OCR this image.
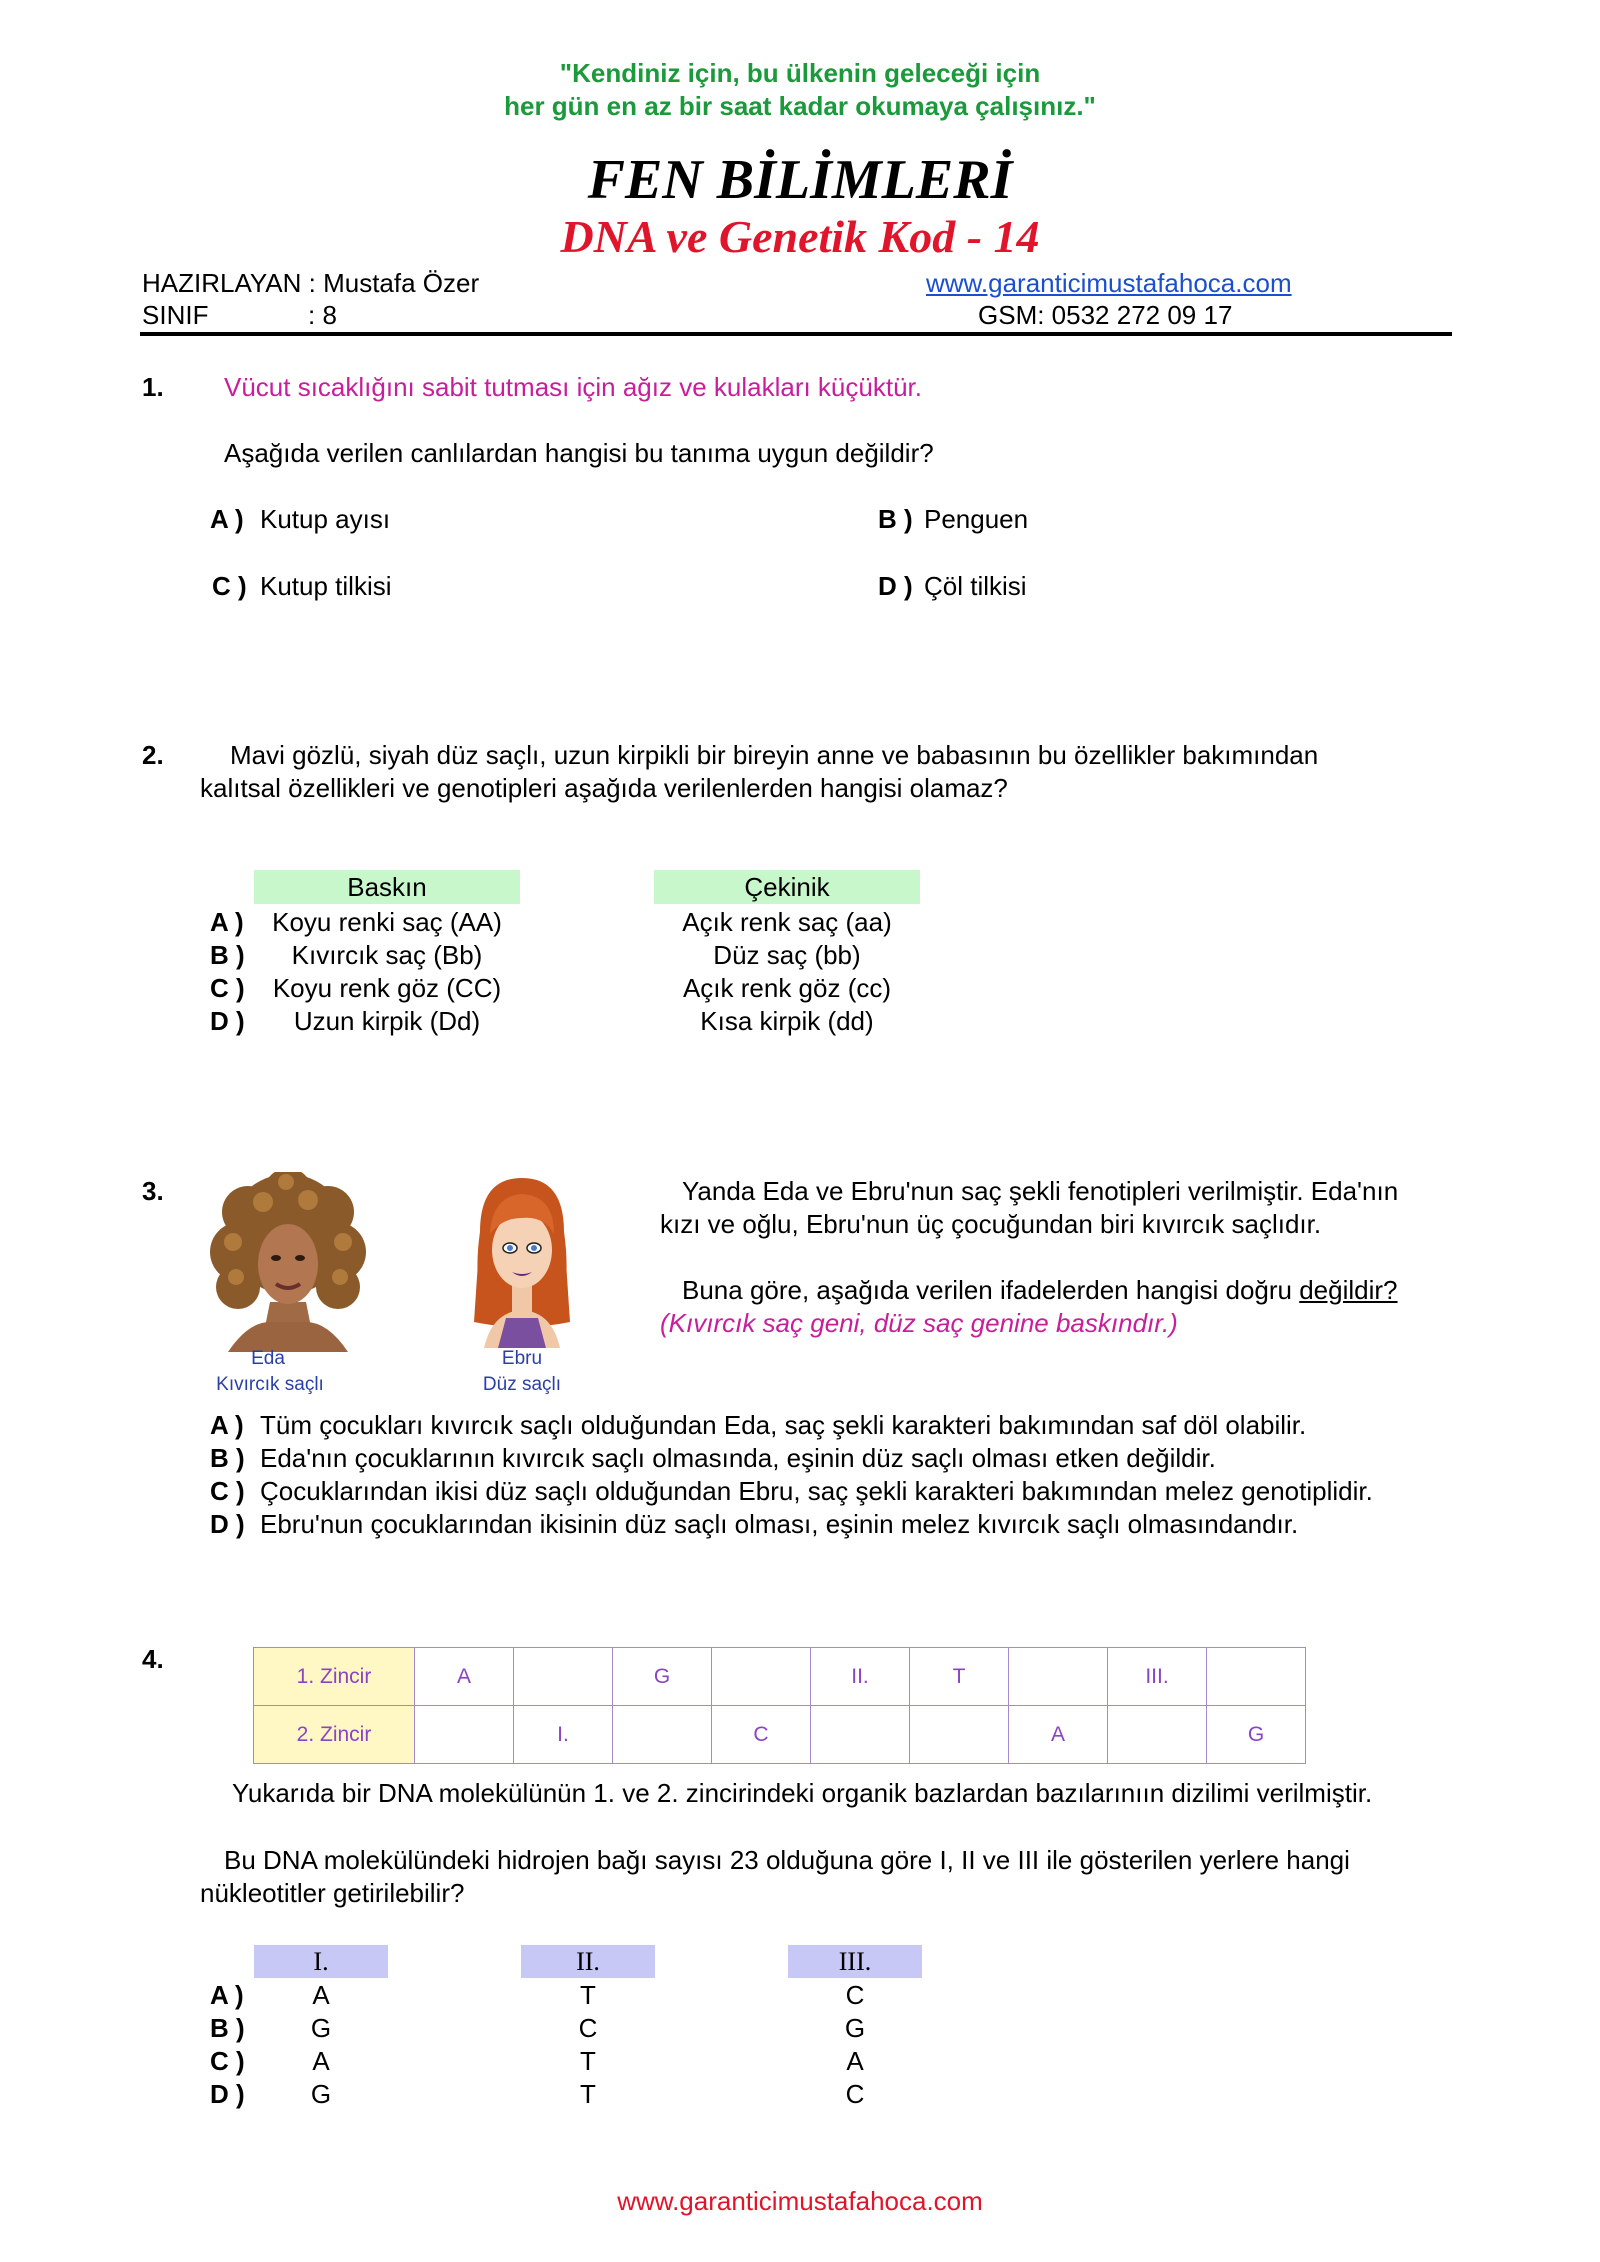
"Kendiniz için, bu ülkenin geleceği için
her gün en az bir saat kadar okumaya çalışınız."
FEN BİLİMLERİ
DNA ve Genetik Kod - 14
HAZIRLAYAN : Mustafa Özer
SINIF	: 8
www.garanticimustafahoca.com
GSM: 0532 272 09 17
1. Vücut sıcaklığını sabit tutması için ağız ve kulakları küçüktür.
Aşağıda verilen canlılardan hangisi bu tanıma uygun değildir?
A ) Kutup ayısı	B ) Penguen
C ) Kutup tilkisi	D ) Çöl tilkisi
2.	Mavi gözlü, siyah düz saçlı, uzun kirpikli bir bireyin anne ve babasının bu özellikler bakımından
kalıtsal özellikleri ve genotipleri aşağıda verilenlerden hangisi olamaz?
Baskın	Çekinik
A )	Koyu renki saç (AA)	Açık renk saç (aa)
B )	Kıvırcık saç (Bb)	Düz saç (bb)
C )	Koyu renk göz (CC)	Açık renk göz (cc)
D )	Uzun kirpik (Dd)	Kısa kirpik (dd)
3.
Eda
Kıvırcık saçlı
Ebru
Düz saçlı
Yanda Eda ve Ebru'nun saç şekli fenotipleri verilmiştir. Eda'nın
kızı ve oğlu, Ebru'nun üç çocuğundan biri kıvırcık saçlıdır.
Buna göre, aşağıda verilen ifadelerden hangisi doğru değildir?
(Kıvırcık saç geni, düz saç genine baskındır.)
A ) Tüm çocukları kıvırcık saçlı olduğundan Eda, saç şekli karakteri bakımından saf döl olabilir.
B ) Eda'nın çocuklarının kıvırcık saçlı olmasında, eşinin düz saçlı olması etken değildir.
C ) Çocuklarından ikisi düz saçlı olduğundan Ebru, saç şekli karakteri bakımından melez genotiplidir.
D ) Ebru'nun çocuklarından ikisinin düz saçlı olması, eşinin melez kıvırcık saçlı olmasındandır.
4.
1. Zincir	A		G		II.	T		III.	
2. Zincir		I.		C			A		G
Yukarıda bir DNA molekülünün 1. ve 2. zincirindeki organik bazlardan bazılarınıın dizilimi verilmiştir.
Bu DNA molekülündeki hidrojen bağı sayısı 23 olduğuna göre I, II ve III ile gösterilen yerlere hangi
nükleotitler getirilebilir?
I.	II.	III.
A )	A	T	C
B )	G	C	G
C )	A	T	A
D )	G	T	C
www.garanticimustafahoca.com
